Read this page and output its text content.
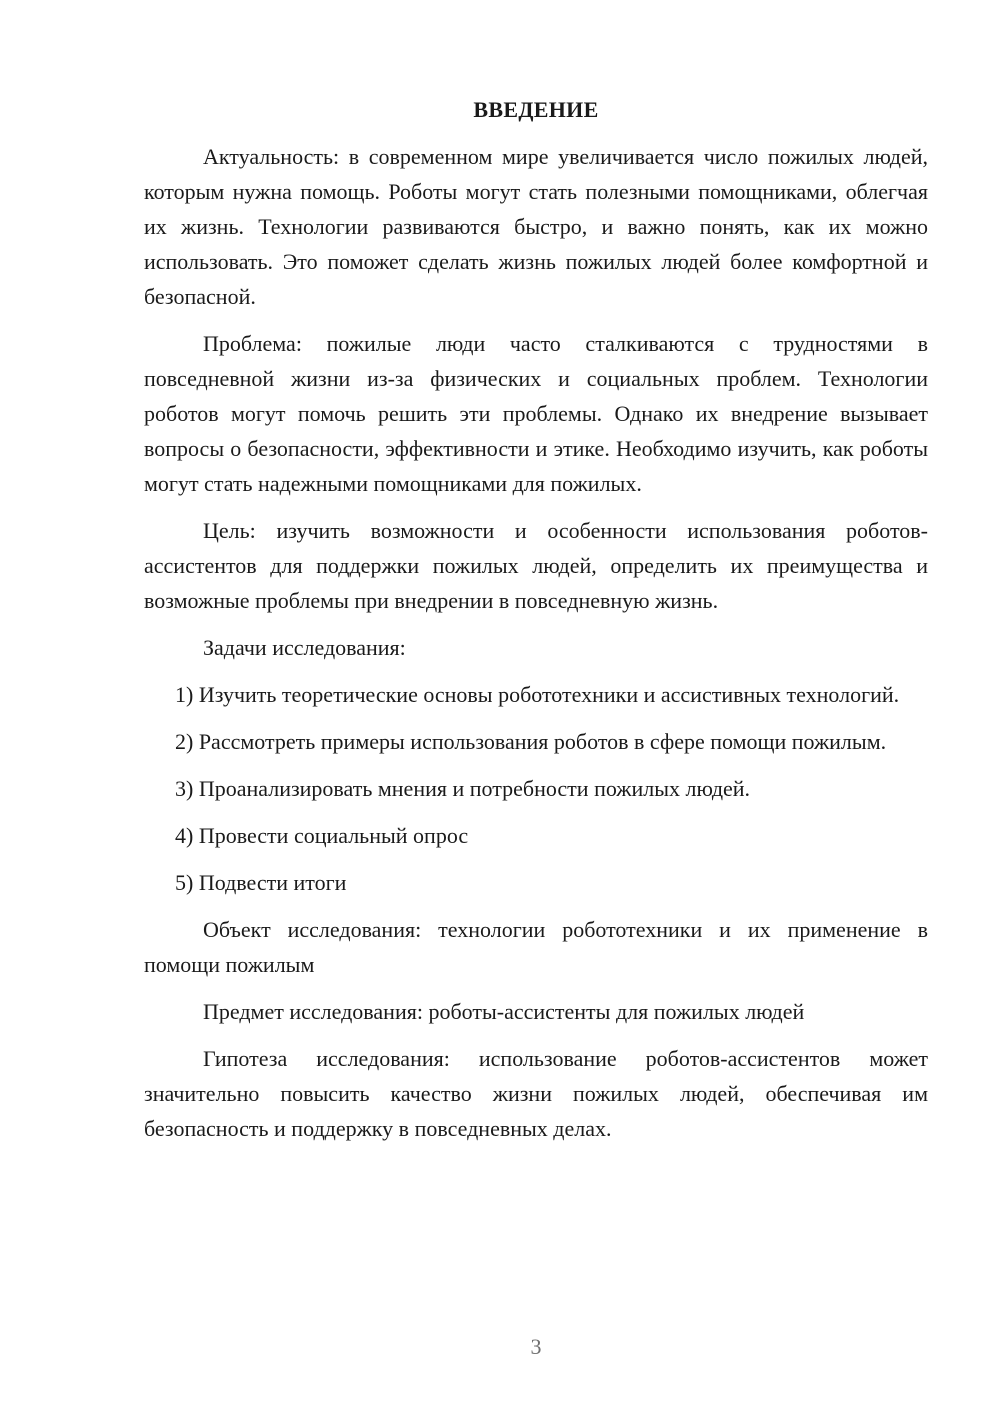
ВВЕДЕНИЕ

Актуальность: в современном мире увеличивается число пожилых людей, которым нужна помощь. Роботы могут стать полезными помощниками, облегчая их жизнь. Технологии развиваются быстро, и важно понять, как их можно использовать. Это поможет сделать жизнь пожилых людей более комфортной и безопасной.

Проблема: пожилые люди часто сталкиваются с трудностями в повседневной жизни из-за физических и социальных проблем. Технологии роботов могут помочь решить эти проблемы. Однако их внедрение вызывает вопросы о безопасности, эффективности и этике. Необходимо изучить, как роботы могут стать надежными помощниками для пожилых.

Цель: изучить возможности и особенности использования роботов-ассистентов для поддержки пожилых людей, определить их преимущества и возможные проблемы при внедрении в повседневную жизнь.

Задачи исследования:

1) Изучить теоретические основы робототехники и ассистивных технологий.

2) Рассмотреть примеры использования роботов в сфере помощи пожилым.

3) Проанализировать мнения и потребности пожилых людей.

4) Провести социальный опрос

5) Подвести итоги

Объект исследования: технологии робототехники и их применение в помощи пожилым

Предмет исследования: роботы-ассистенты для пожилых людей

Гипотеза исследования: использование роботов-ассистентов может значительно повысить качество жизни пожилых людей, обеспечивая им безопасность и поддержку в повседневных делах.

3
